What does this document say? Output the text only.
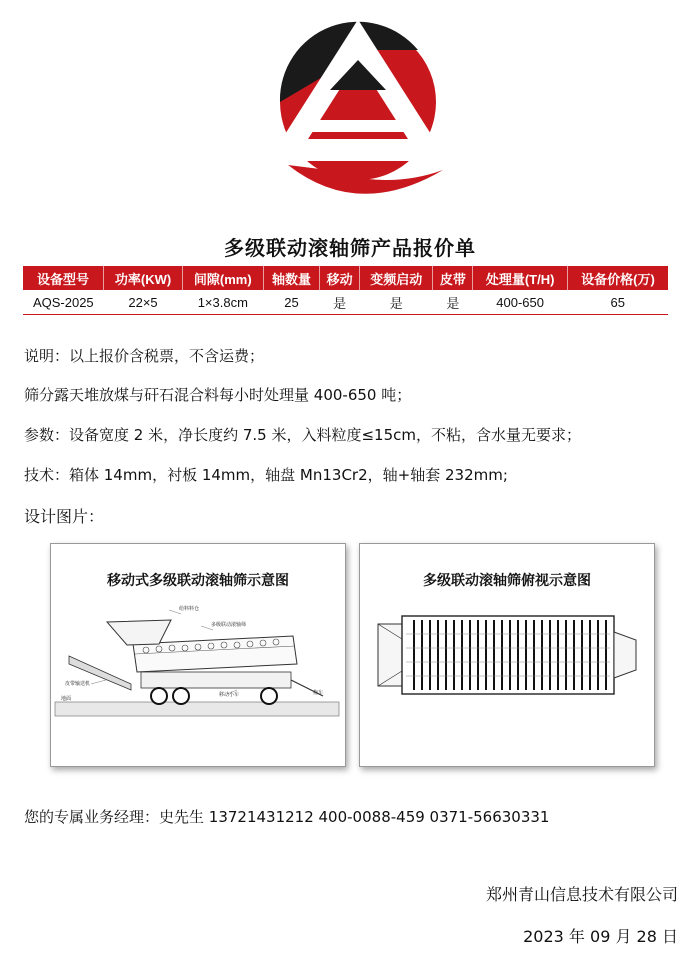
多级联动滚轴筛产品报价单
设备型号	功率(KW)	间隙(mm)	轴数量	移动	变频启动	皮带	处理量(T/H)	设备价格(万)
AQS-2025	22×5	1×3.8cm	25	是	是	是	400-650	65
说明：以上报价含税票，不含运费；
筛分露天堆放煤与矸石混合料每小时处理量 400-650 吨；
参数：设备宽度 2 米，净长度约 7.5 米，入料粒度≤15cm，不粘，含水量无要求；
技术：箱体 14mm，衬板 14mm，轴盘 Mn13Cr2，轴+轴套 232mm;
设计图片：
给料料仓
多级联动滚轴筛
皮带输送机
地面
移动小车	拖车
移动式多级联动滚轴筛示意图	多级联动滚轴筛俯视示意图
您的专属业务经理：史先生 13721431212 400-0088-459 0371-56630331
郑州青山信息技术有限公司
2023 年 09 月 28 日
